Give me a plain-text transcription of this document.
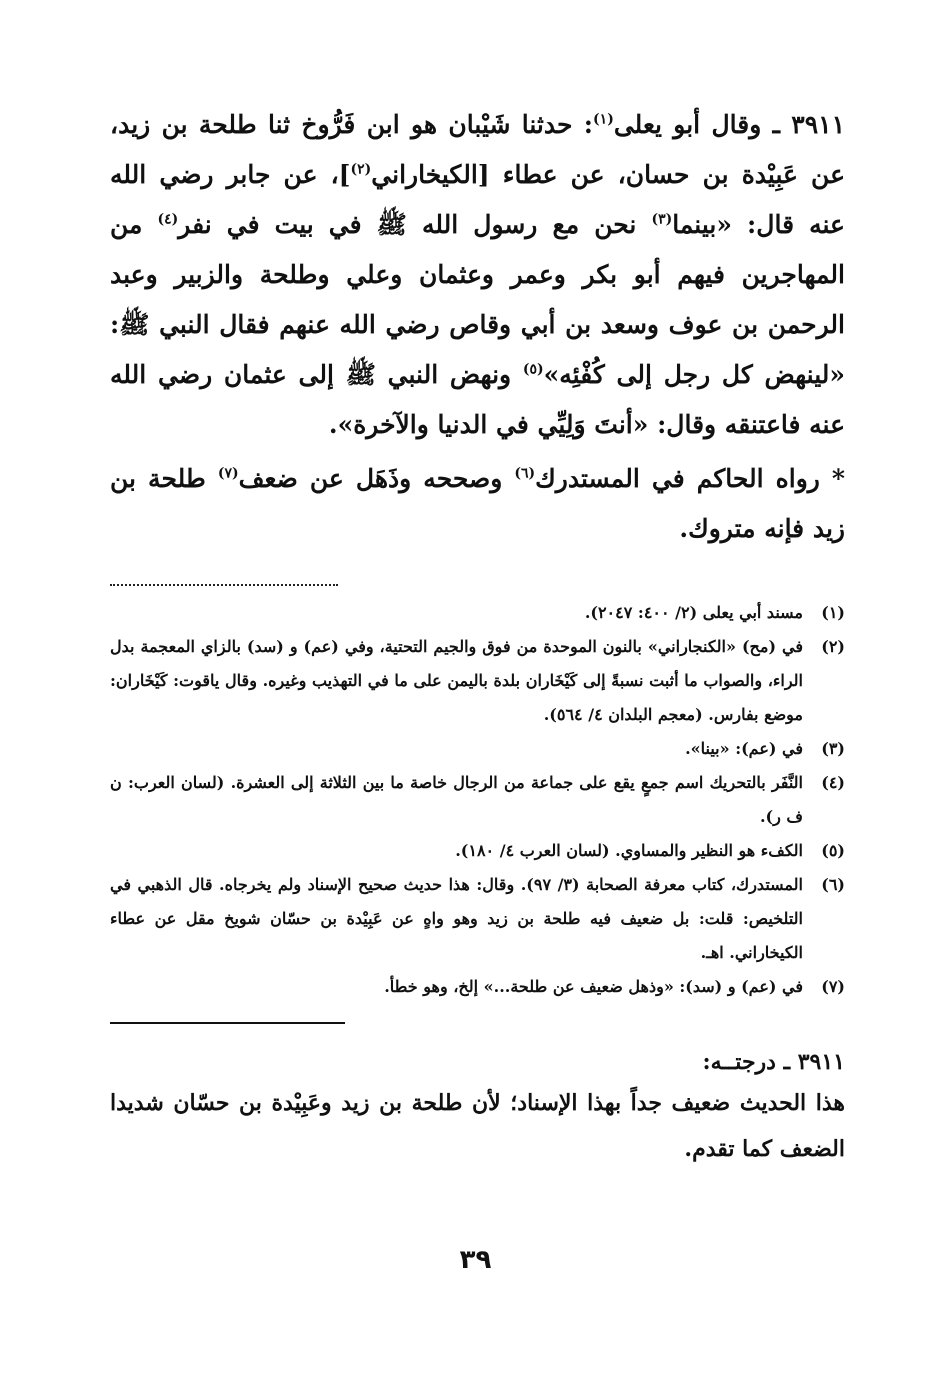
٣٩١١ ـ وقال أبو يعلى$^{(١)}$: حدثنا شَيْبان هو ابن فَرُّوخ ثنا طلحة بن زيد، عن عَبِيْدة بن حسان، عن عطاء [الكيخاراني$^{(٢)}$]، عن جابر رضي الله عنه قال: «بينما$^{(٣)}$ نحن مع رسول الله ﷺ في بيت في نفر$^{(٤)}$ من المهاجرين فيهم أبو بكر وعمر وعثمان وعلي وطلحة والزبير وعبد الرحمن بن عوف وسعد بن أبي وقاص رضي الله عنهم فقال النبي ﷺ: «لينهض كل رجل إلى كُفْئِه»$^{(٥)}$ ونهض النبي ﷺ إلى عثمان رضي الله عنه فاعتنقه وقال: «أنتَ وَلِيِّي في الدنيا والآخرة».

* رواه الحاكم في المستدرك$^{(٦)}$ وصححه وذَهَل عن ضعف$^{(٧)}$ طلحة بن زيد فإنه متروك.

(١)
مسند أبي يعلى (٢/ ٤٠٠: ٢٠٤٧).
(٢)
في (مح) «الكنجاراني» بالنون الموحدة من فوق والجيم التحتية، وفي (عم) و (سد) بالزاي المعجمة بدل الراء، والصواب ما أثبت نسبةً إلى كَيْخَاران بلدة باليمن على ما في التهذيب وغيره. وقال ياقوت: كَيْخَاران: موضع بفارس. (معجم البلدان ٤/ ٥٦٤).
(٣)
في (عم): «بينا».
(٤)
النَّفَر بالتحريك اسم جمعٍ يقع على جماعة من الرجال خاصة ما بين الثلاثة إلى العشرة. (لسان العرب: ن ف ر).
(٥)
الكفء هو النظير والمساوي. (لسان العرب ٤/ ١٨٠).
(٦)
المستدرك، كتاب معرفة الصحابة (٣/ ٩٧). وقال: هذا حديث صحيح الإسناد ولم يخرجاه. قال الذهبي في التلخيص: قلت: بل ضعيف فيه طلحة بن زيد وهو واهٍ عن عَبِيْدة بن حسّان شويخ مقل عن عطاء الكيخاراني. اهـ.
(٧)
في (عم) و (سد): «وذهل ضعيف عن طلحة...» إلخ، وهو خطأ.
٣٩١١ ـ درجتــه:

هذا الحديث ضعيف جداً بهذا الإسناد؛ لأن طلحة بن زيد وعَبِيْدة بن حسّان شديدا الضعف كما تقدم.

٣٩
